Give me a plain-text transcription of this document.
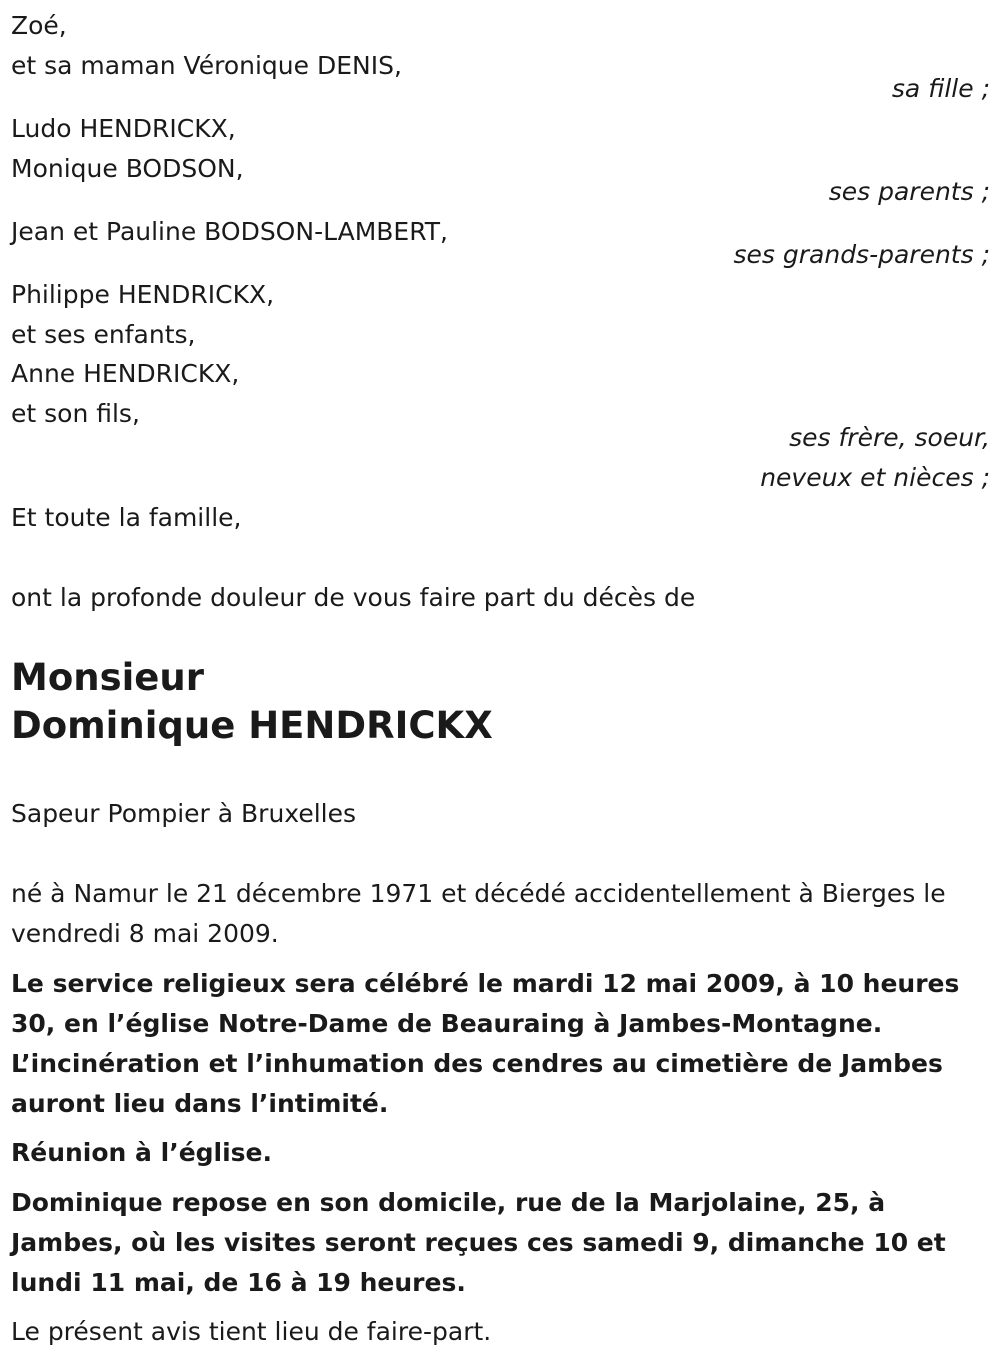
Zoé,
et sa maman Véronique DENIS,
sa fille ;
Ludo HENDRICKX,
Monique BODSON,
ses parents ;
Jean et Pauline BODSON-LAMBERT,
ses grands-parents ;
Philippe HENDRICKX,
et ses enfants,
Anne HENDRICKX,
et son fils,
ses frère, soeur,
neveux et nièces ;
Et toute la famille,
ont la profonde douleur de vous faire part du décès de
Monsieur
Dominique HENDRICKX
Sapeur Pompier à Bruxelles
né à Namur le 21 décembre 1971 et décédé accidentellement à Bierges le vendredi 8 mai 2009.
Le service religieux sera célébré le mardi 12 mai 2009, à 10 heures 30, en l’église Notre-Dame de Beauraing à Jambes-Montagne. L’incinération et l’inhumation des cendres au cimetière de Jambes auront lieu dans l’intimité.
Réunion à l’église.
Dominique repose en son domicile, rue de la Marjolaine, 25, à Jambes, où les visites seront reçues ces samedi 9, dimanche 10 et lundi 11 mai, de 16 à 19 heures.
Le présent avis tient lieu de faire-part.
